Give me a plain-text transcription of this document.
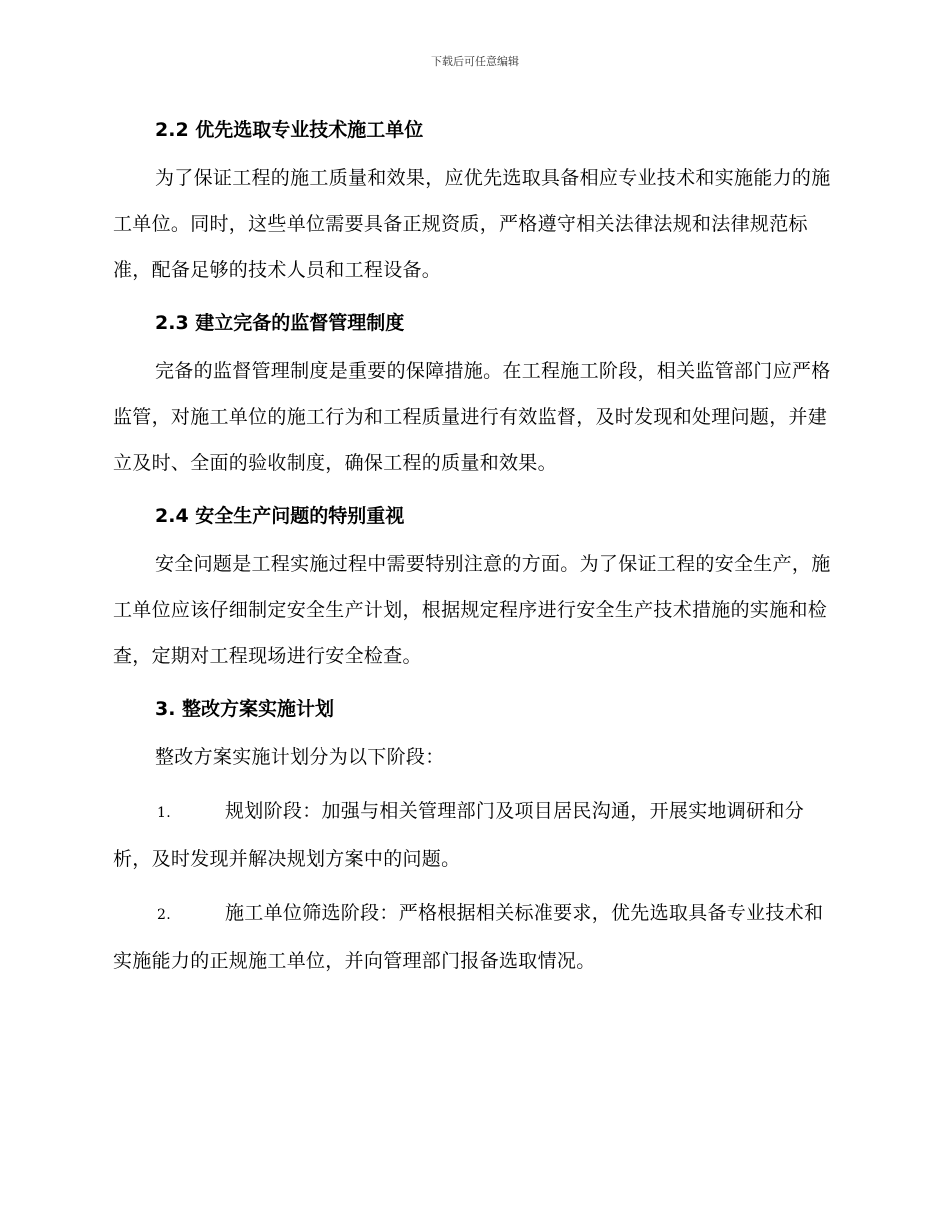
下载后可任意编辑
2.2 优先选取专业技术施工单位

为了保证工程的施工质量和效果，应优先选取具备相应专业技术和实施能力的施工单位。同时，这些单位需要具备正规资质，严格遵守相关法律法规和法律规范标准，配备足够的技术人员和工程设备。

2.3 建立完备的监督管理制度

完备的监督管理制度是重要的保障措施。在工程施工阶段，相关监管部门应严格监管，对施工单位的施工行为和工程质量进行有效监督，及时发现和处理问题，并建立及时、全面的验收制度，确保工程的质量和效果。

2.4 安全生产问题的特别重视

安全问题是工程实施过程中需要特别注意的方面。为了保证工程的安全生产，施工单位应该仔细制定安全生产计划，根据规定程序进行安全生产技术措施的实施和检查，定期对工程现场进行安全检查。

3. 整改方案实施计划

整改方案实施计划分为以下阶段：

1.	规划阶段：加强与相关管理部门及项目居民沟通，开展实地调研和分析，及时发现并解决规划方案中的问题。

2.	施工单位筛选阶段：严格根据相关标准要求，优先选取具备专业技术和实施能力的正规施工单位，并向管理部门报备选取情况。
